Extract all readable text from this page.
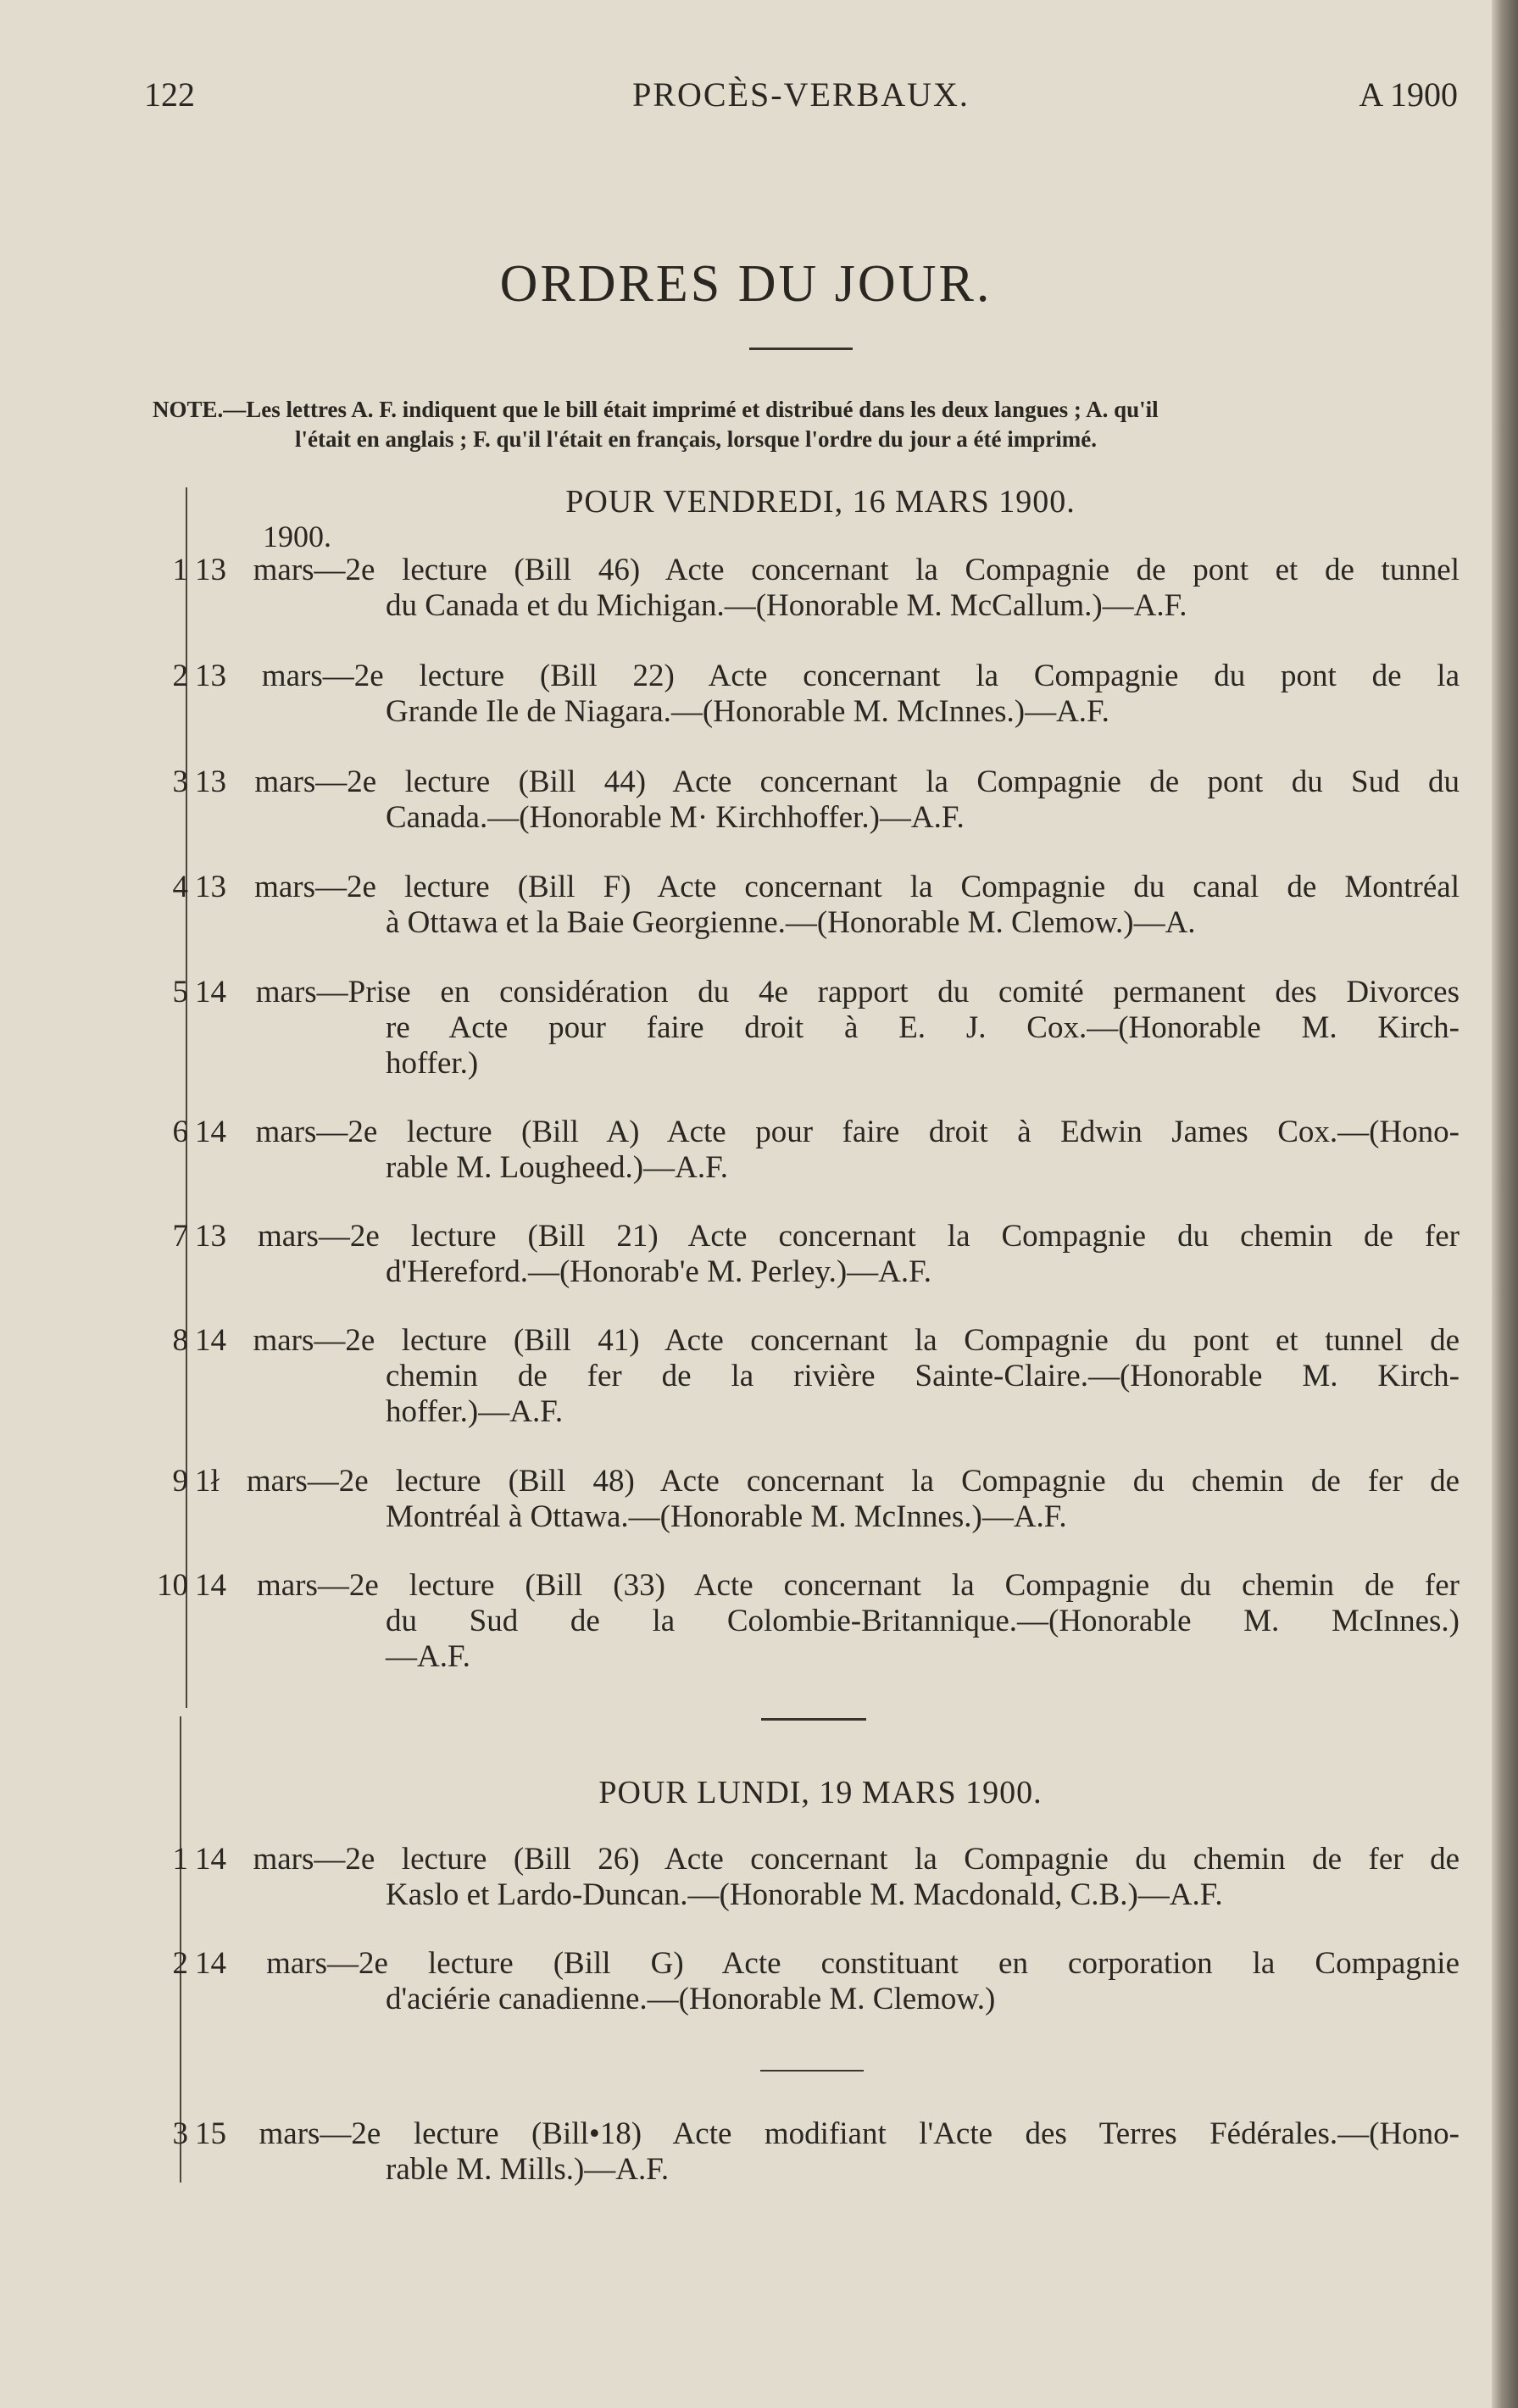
122	PROCÈS-VERBAUX.	A 1900
ORDRES DU JOUR.
NOTE.—Les lettres A. F. indiquent que le bill était imprimé et distribué dans les deux langues ; A. qu'il
l'était en anglais ; F. qu'il l'était en français, lorsque l'ordre du jour a été imprimé.
POUR VENDREDI, 16 MARS 1900.
1900.
1 13 mars—2e lecture (Bill 46) Acte concernant la Compagnie de pont et de tunnel
du Canada et du Michigan.—(Honorable M. McCallum.)—A.F.
2 13 mars—2e lecture (Bill 22) Acte concernant la Compagnie du pont de la
Grande Ile de Niagara.—(Honorable M. McInnes.)—A.F.
3 13 mars—2e lecture (Bill 44) Acte concernant la Compagnie de pont du Sud du
Canada.—(Honorable M· Kirchhoffer.)—A.F.
4 13 mars—2e lecture (Bill F) Acte concernant la Compagnie du canal de Montréal
à Ottawa et la Baie Georgienne.—(Honorable M. Clemow.)—A.
5 14 mars—Prise en considération du 4e rapport du comité permanent des Divorces
re Acte pour faire droit à E. J. Cox.—(Honorable M. Kirch-
hoffer.)
6 14 mars—2e lecture (Bill A) Acte pour faire droit à Edwin James Cox.—(Hono-
rable M. Lougheed.)—A.F.
7 13 mars—2e lecture (Bill 21) Acte concernant la Compagnie du chemin de fer
d'Hereford.—(Honorab'e M. Perley.)—A.F.
8 14 mars—2e lecture (Bill 41) Acte concernant la Compagnie du pont et tunnel de
chemin de fer de la rivière Sainte-Claire.—(Honorable M. Kirch-
hoffer.)—A.F.
9 1ł mars—2e lecture (Bill 48) Acte concernant la Compagnie du chemin de fer de
Montréal à Ottawa.—(Honorable M. McInnes.)—A.F.
10 14 mars—2e lecture (Bill (33) Acte concernant la Compagnie du chemin de fer
du Sud de la Colombie-Britannique.—(Honorable M. McInnes.)
—A.F.
POUR LUNDI, 19 MARS 1900.
1 14 mars—2e lecture (Bill 26) Acte concernant la Compagnie du chemin de fer de
Kaslo et Lardo-Duncan.—(Honorable M. Macdonald, C.B.)—A.F.
2 14 mars—2e lecture (Bill G) Acte constituant en corporation la Compagnie
d'aciérie canadienne.—(Honorable M. Clemow.)
3 15 mars—2e lecture (Bill•18) Acte modifiant l'Acte des Terres Fédérales.—(Hono-
rable M. Mills.)—A.F.
